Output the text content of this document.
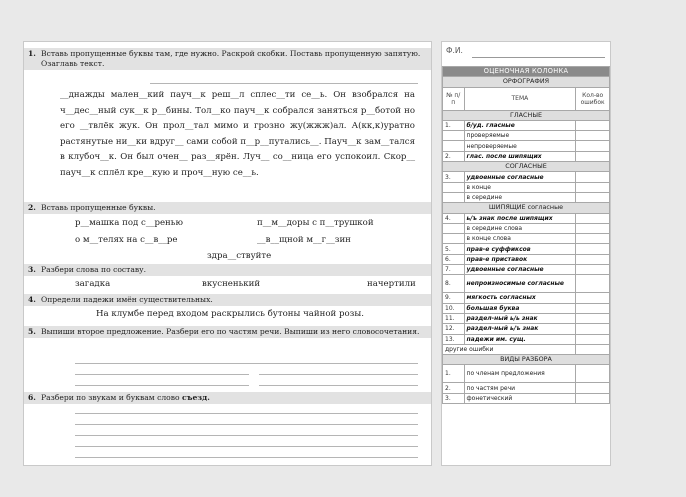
1. Вставь пропущенные буквы там, где нужно. Раскрой скобки. Поставь пропущенную запятую. Озаглавь текст.
__днажды мален__кий пауч__к реш__л сплес__ти се__ь. Он взобрался на ч__дес__ный сук__к р__бины. Тол__ко пауч__к собрался заняться р__ботой но его __твлёк жук. Он прол__тал мимо и грозно жу(жжж)ал. А(кк,к)уратно растянутые ни__ки вдруг__ сами собой п__р__путались__. Пауч__к зам__тался в клубоч__к. Он был очен__ раз__ярён. Луч__ со__ница его успокоил. Скор__ пауч__к сплёл кре__кую и проч__ную се__ь.
2. Вставь пропущенные буквы.
р__машка под с__ренью	п__м__доры с п__трушкой
о м__телях на с__в__ре	__в__щной м__г__зин
здра__ствуйте
3. Разбери слова по составу.
загадка	вкусненький	начертили
4. Определи падежи имён существительных.
На клумбе перед входом раскрылись бутоны чайной розы.
5. Выпиши второе предложение. Разбери его по частям речи. Выпиши из него словосочетания.
6. Разбери по звукам и буквам слово
съезд.
Ф.И.
ОЦЕНОЧНАЯ КОЛОНКА		
ОРФОГРАФИЯ		
№ п/п	ТЕМА	Кол-во ошибок
ГЛАСНЫЕ		
1.	б/уд. гласные	
	проверяемые	
	непроверяемые	
2.	глас. после шипящих	
СОГЛАСНЫЕ		
3.	удвоенные согласные	
	в конце	
	в середине	
ШИПЯЩИЕ согласные		
4.	ь/ъ знак после шипящих	
	в середине слова	
	в конце слова	
5.	прав-е суффиксов	
6.	прав-е приставок	
7.	удвоенные согласные	
8.	непроизносимые согласные	
9.	мягкость согласных	
10.	большая буква	
11.	раздел-ный ь/ь знак	
12.	раздел-ный ь/ъ знак	
13.	падежи им. сущ.	
другие ошибки		
ВИДЫ РАЗБОРА		
1.	по членам предложения	
2.	по частям речи	
3.	фонетический	
